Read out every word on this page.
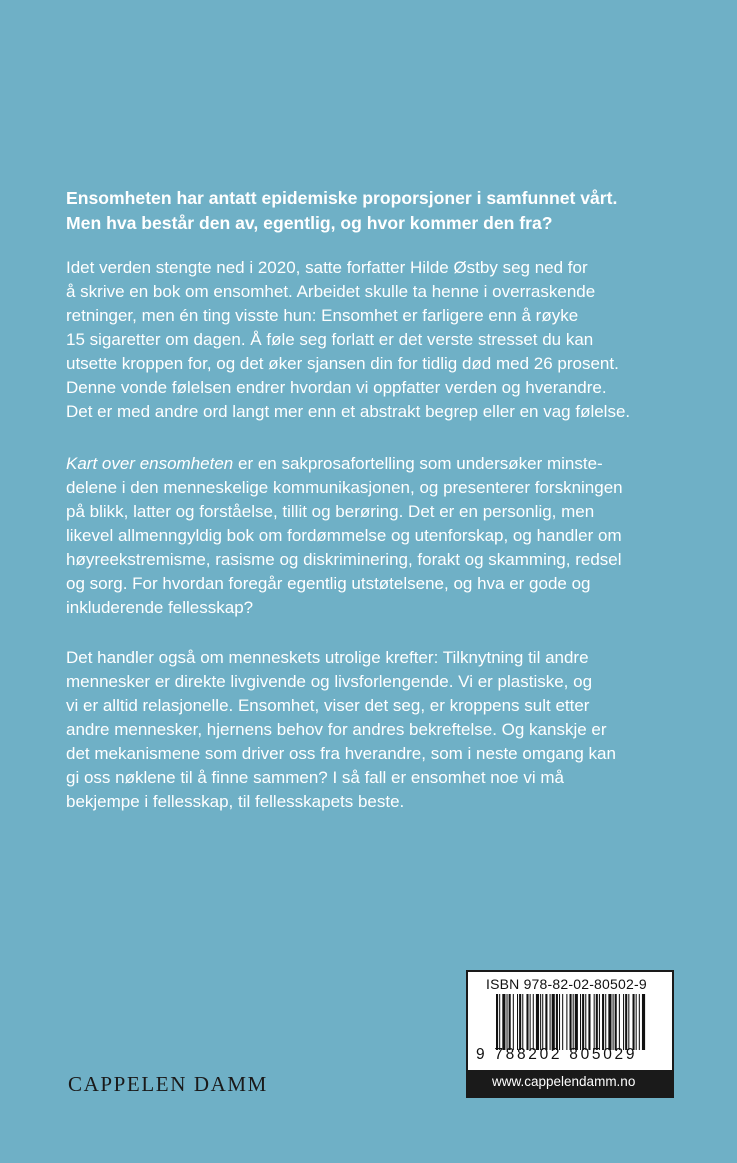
Ensomheten har antatt epidemiske proporsjoner i samfunnet vårt.
Men hva består den av, egentlig, og hvor kommer den fra?
Idet verden stengte ned i 2020, satte forfatter Hilde Østby seg ned for
å skrive en bok om ensomhet. Arbeidet skulle ta henne i overraskende
retninger, men én ting visste hun: Ensomhet er farligere enn å røyke
15 sigaretter om dagen. Å føle seg forlatt er det verste stresset du kan
utsette kroppen for, og det øker sjansen din for tidlig død med 26 prosent.
Denne vonde følelsen endrer hvordan vi oppfatter verden og hverandre.
Det er med andre ord langt mer enn et abstrakt begrep eller en vag følelse.
Kart over ensomheten er en sakprosafortelling som undersøker minste-
delene i den menneskelige kommunikasjonen, og presenterer forskningen
på blikk, latter og forståelse, tillit og berøring. Det er en personlig, men
likevel allmenngyldig bok om fordømmelse og utenforskap, og handler om
høyreekstremisme, rasisme og diskriminering, forakt og skamming, redsel
og sorg. For hvordan foregår egentlig utstøtelsene, og hva er gode og
inkluderende fellesskap?
Det handler også om menneskets utrolige krefter: Tilknytning til andre
mennesker er direkte livgivende og livsforlengende. Vi er plastiske, og
vi er alltid relasjonelle. Ensomhet, viser det seg, er kroppens sult etter
andre mennesker, hjernens behov for andres bekreftelse. Og kanskje er
det mekanismene som driver oss fra hverandre, som i neste omgang kan
gi oss nøklene til å finne sammen? I så fall er ensomhet noe vi må
bekjempe i fellesskap, til fellesskapets beste.
ISBN 978-82-02-80502-9
9 788202 805029
www.cappelendamm.no
CAPPELEN DAMM
